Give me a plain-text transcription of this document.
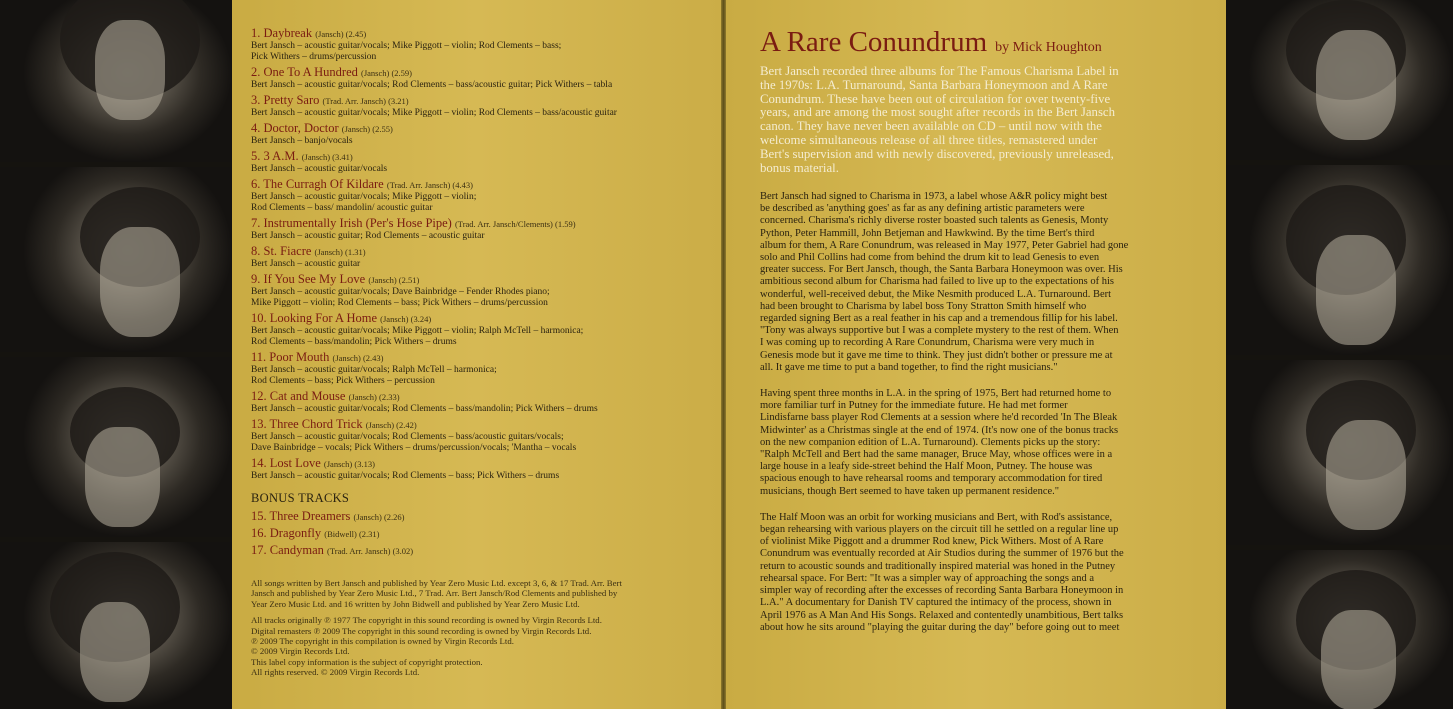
1. Daybreak (Jansch) (2.45)
Bert Jansch – acoustic guitar/vocals; Mike Piggott – violin; Rod Clements – bass;
Pick Withers – drums/percussion
2. One To A Hundred (Jansch) (2.59)
Bert Jansch – acoustic guitar/vocals; Rod Clements – bass/acoustic guitar; Pick Withers – tabla
3. Pretty Saro (Trad. Arr. Jansch) (3.21)
Bert Jansch – acoustic guitar/vocals; Mike Piggott – violin; Rod Clements – bass/acoustic guitar
4. Doctor, Doctor (Jansch) (2.55)
Bert Jansch – banjo/vocals
5. 3 A.M. (Jansch) (3.41)
Bert Jansch – acoustic guitar/vocals
6. The Curragh Of Kildare (Trad. Arr. Jansch) (4.43)
Bert Jansch – acoustic guitar/vocals; Mike Piggott – violin;
Rod Clements – bass/ mandolin/ acoustic guitar
7. Instrumentally Irish (Per's Hose Pipe) (Trad. Arr. Jansch/Clements) (1.59)
Bert Jansch – acoustic guitar; Rod Clements – acoustic guitar
8. St. Fiacre (Jansch) (1.31)
Bert Jansch – acoustic guitar
9. If You See My Love (Jansch) (2.51)
Bert Jansch – acoustic guitar/vocals; Dave Bainbridge – Fender Rhodes piano;
Mike Piggott – violin; Rod Clements – bass; Pick Withers – drums/percussion
10. Looking For A Home (Jansch) (3.24)
Bert Jansch – acoustic guitar/vocals; Mike Piggott – violin; Ralph McTell – harmonica;
Rod Clements – bass/mandolin; Pick Withers – drums
11. Poor Mouth (Jansch) (2.43)
Bert Jansch – acoustic guitar/vocals; Ralph McTell – harmonica;
Rod Clements – bass; Pick Withers – percussion
12. Cat and Mouse (Jansch) (2.33)
Bert Jansch – acoustic guitar/vocals; Rod Clements – bass/mandolin; Pick Withers – drums
13. Three Chord Trick (Jansch) (2.42)
Bert Jansch – acoustic guitar/vocals; Rod Clements – bass/acoustic guitars/vocals;
Dave Bainbridge – vocals; Pick Withers – drums/percussion/vocals; 'Mantha – vocals
14. Lost Love (Jansch) (3.13)
Bert Jansch – acoustic guitar/vocals; Rod Clements – bass; Pick Withers – drums
BONUS TRACKS
15. Three Dreamers (Jansch) (2.26)
16. Dragonfly (Bidwell) (2.31)
17. Candyman (Trad. Arr. Jansch) (3.02)

All songs written by Bert Jansch and published by Year Zero Music Ltd. except 3, 6, & 17 Trad. Arr. Bert
Jansch and published by Year Zero Music Ltd., 7 Trad. Arr. Bert Jansch/Rod Clements and published by
Year Zero Music Ltd. and 16 written by John Bidwell and published by Year Zero Music Ltd.

All tracks originally ℗ 1977 The copyright in this sound recording is owned by Virgin Records Ltd.
Digital remasters ℗ 2009 The copyright in this sound recording is owned by Virgin Records Ltd.
℗ 2009 The copyright in this compilation is owned by Virgin Records Ltd.
© 2009 Virgin Records Ltd.
This label copy information is the subject of copyright protection.
All rights reserved. © 2009 Virgin Records Ltd.

A Rare Conundrum by Mick Houghton
Bert Jansch recorded three albums for The Famous Charisma Label in
the 1970s: L.A. Turnaround, Santa Barbara Honeymoon and A Rare
Conundrum. These have been out of circulation for over twenty-five
years, and are among the most sought after records in the Bert Jansch
canon. They have never been available on CD – until now with the
welcome simultaneous release of all three titles, remastered under
Bert's supervision and with newly discovered, previously unreleased,
bonus material.

Bert Jansch had signed to Charisma in 1973, a label whose A&R policy might best
be described as 'anything goes' as far as any defining artistic parameters were
concerned. Charisma's richly diverse roster boasted such talents as Genesis, Monty
Python, Peter Hammill, John Betjeman and Hawkwind. By the time Bert's third
album for them, A Rare Conundrum, was released in May 1977, Peter Gabriel had gone
solo and Phil Collins had come from behind the drum kit to lead Genesis to even
greater success. For Bert Jansch, though, the Santa Barbara Honeymoon was over. His
ambitious second album for Charisma had failed to live up to the expectations of his
wonderful, well-received debut, the Mike Nesmith produced L.A. Turnaround. Bert
had been brought to Charisma by label boss Tony Stratton Smith himself who
regarded signing Bert as a real feather in his cap and a tremendous fillip for his label.
"Tony was always supportive but I was a complete mystery to the rest of them. When
I was coming up to recording A Rare Conundrum, Charisma were very much in
Genesis mode but it gave me time to think. They just didn't bother or pressure me at
all. It gave me time to put a band together, to find the right musicians."

Having spent three months in L.A. in the spring of 1975, Bert had returned home to
more familiar turf in Putney for the immediate future. He had met former
Lindisfarne bass player Rod Clements at a session where he'd recorded 'In The Bleak
Midwinter' as a Christmas single at the end of 1974. (It's now one of the bonus tracks
on the new companion edition of L.A. Turnaround). Clements picks up the story:
"Ralph McTell and Bert had the same manager, Bruce May, whose offices were in a
large house in a leafy side-street behind the Half Moon, Putney. The house was
spacious enough to have rehearsal rooms and temporary accommodation for tired
musicians, though Bert seemed to have taken up permanent residence."

The Half Moon was an orbit for working musicians and Bert, with Rod's assistance,
began rehearsing with various players on the circuit till he settled on a regular line up
of violinist Mike Piggott and a drummer Rod knew, Pick Withers. Most of A Rare
Conundrum was eventually recorded at Air Studios during the summer of 1976 but the
return to acoustic sounds and traditionally inspired material was honed in the Putney
rehearsal space. For Bert: "It was a simpler way of approaching the songs and a
simpler way of recording after the excesses of recording Santa Barbara Honeymoon in
L.A." A documentary for Danish TV captured the intimacy of the process, shown in
April 1976 as A Man And His Songs. Relaxed and contentedly unambitious, Bert talks
about how he sits around "playing the guitar during the day" before going out to meet
